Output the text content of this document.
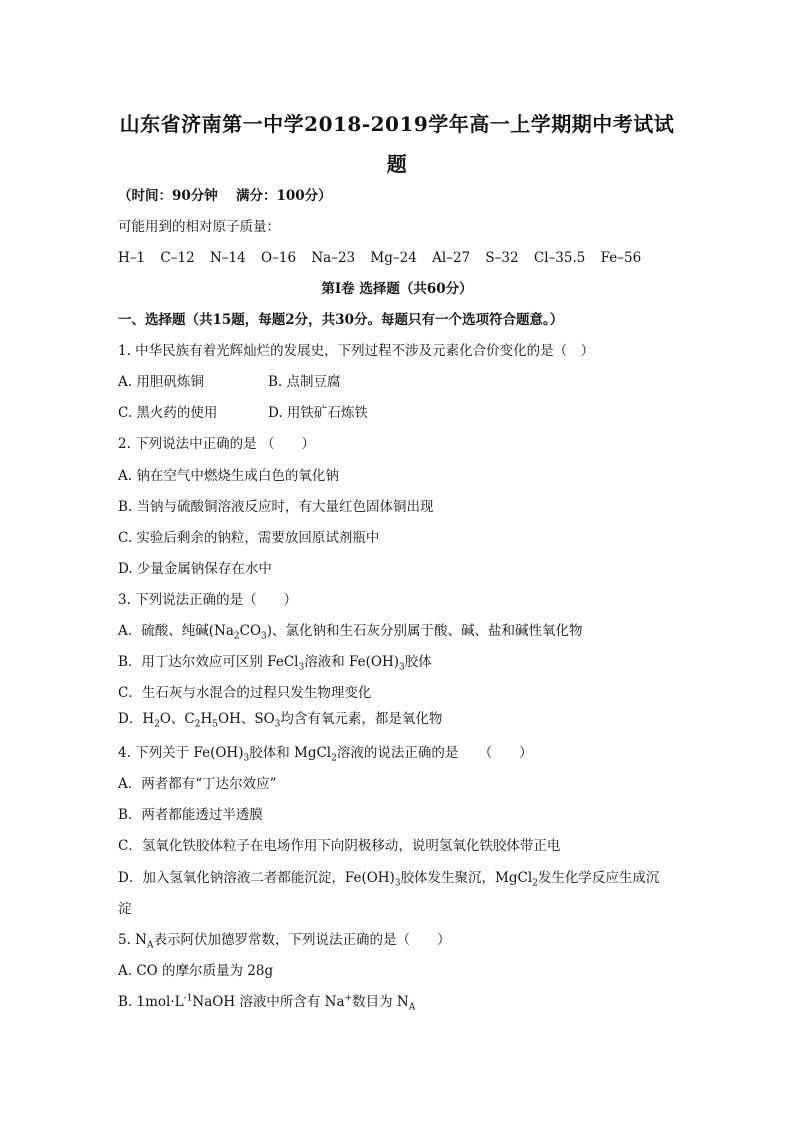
山东省济南第一中学2018-2019学年高一上学期期中考试试
题
（时间：90分钟　 满分：100分）
可能用到的相对原子质量：
H–1 C–12 N–14 O–16 Na–23 Mg–24 Al–27 S–32 Cl–35.5 Fe–56
第Ⅰ卷 选择题（共60分）
一、选择题（共15题，每题2分，共30分。每题只有一个选项符合题意。）
1. 中华民族有着光辉灿烂的发展史，下列过程不涉及元素化合价变化的是（　）
A. 用胆矾炼铜	B. 点制豆腐
C. 黑火药的使用	D. 用铁矿石炼铁
2. 下列说法中正确的是 （　　）
A. 钠在空气中燃烧生成白色的氧化钠
B. 当钠与硫酸铜溶液反应时，有大量红色固体铜出现
C. 实验后剩余的钠粒，需要放回原试剂瓶中
D. 少量金属钠保存在水中
3. 下列说法正确的是（　　）
A．硫酸、纯碱$(Na_2CO_3)$、氯化钠和生石灰分别属于酸、碱、盐和碱性氧化物
B．用丁达尔效应可区别 FeCl$_3$溶液和 $Fe(OH)_3$胶体
C．生石灰与水混合的过程只发生物理变化
D．$H_2O$、$C_2H_5OH$、$SO_3$均含有氧元素，都是氧化物
4. 下列关于 $Fe(OH)_3$胶体和 MgCl$_2$溶液的说法正确的是　　（　　）
A．两者都有“丁达尔效应”
B．两者都能透过半透膜
C．氢氧化铁胶体粒子在电场作用下向阴极移动，说明氢氧化铁胶体带正电
D．加入氢氧化钠溶液二者都能沉淀，$Fe(OH)_3$胶体发生聚沉，MgCl$_2$发生化学反应生成沉
淀
5. $N_A$表示阿伏加德罗常数，下列说法正确的是（　　）
A. CO 的摩尔质量为 28g
B. $1mol\cdot L^{-1}NaOH$ 溶液中所含有 Na+数目为 $N_A$
